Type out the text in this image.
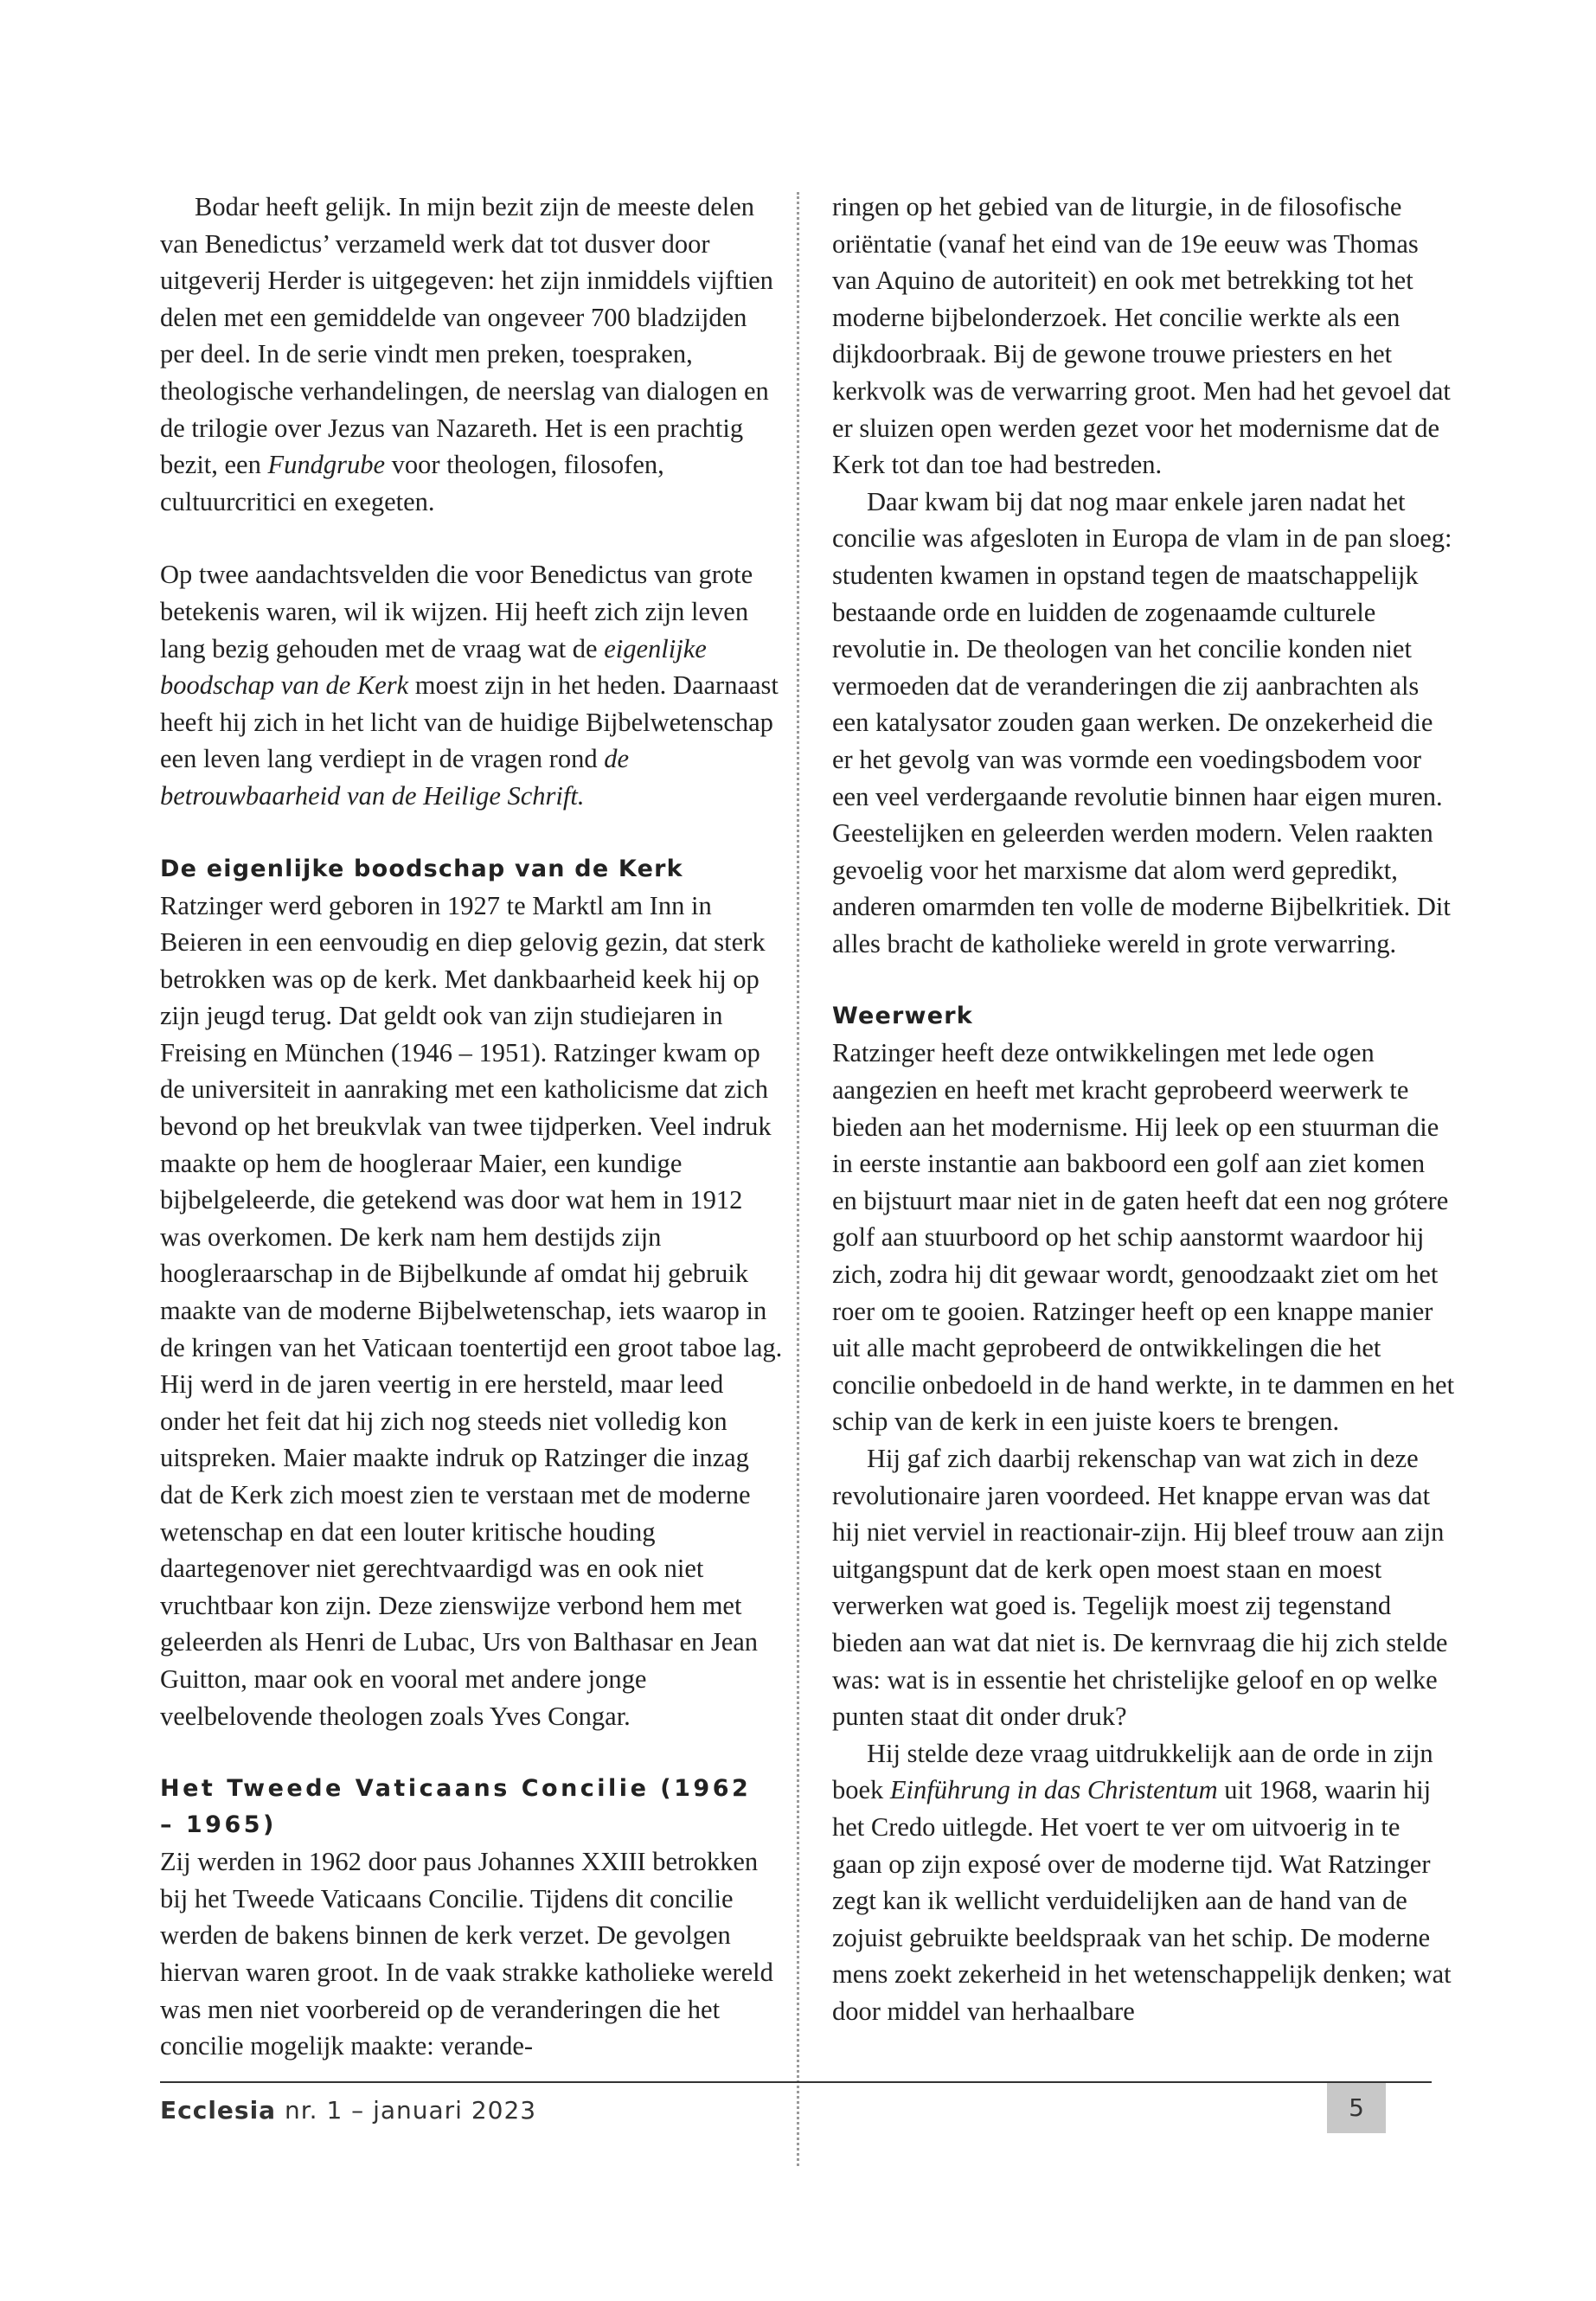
Bodar heeft gelijk. In mijn bezit zijn de meeste delen van Benedictus’ verzameld werk dat tot dusver door uitgeverij Herder is uitgegeven: het zijn inmiddels vijftien delen met een gemiddelde van ongeveer 700 bladzijden per deel. In de serie vindt men preken, toespraken, theologische verhandelingen, de neerslag van dialogen en de trilogie over Jezus van Nazareth. Het is een prachtig bezit, een Fundgrube voor theologen, filosofen, cultuurcritici en exegeten.

Op twee aandachtsvelden die voor Benedictus van grote betekenis waren, wil ik wijzen. Hij heeft zich zijn leven lang bezig gehouden met de vraag wat de eigenlijke boodschap van de Kerk moest zijn in het heden. Daarnaast heeft hij zich in het licht van de huidige Bijbelwetenschap een leven lang verdiept in de vragen rond de betrouwbaarheid van de Heilige Schrift.

De eigenlijke boodschap van de Kerk

Ratzinger werd geboren in 1927 te Marktl am Inn in Beieren in een eenvoudig en diep gelovig gezin, dat sterk betrokken was op de kerk. Met dankbaarheid keek hij op zijn jeugd terug. Dat geldt ook van zijn studiejaren in Freising en München (1946 – 1951). Ratzinger kwam op de universiteit in aanraking met een katholicisme dat zich bevond op het breukvlak van twee tijdperken. Veel indruk maakte op hem de hoogleraar Maier, een kundige bijbelgeleerde, die getekend was door wat hem in 1912 was overkomen. De kerk nam hem destijds zijn hoogleraarschap in de Bijbelkunde af omdat hij gebruik maakte van de moderne Bijbelwetenschap, iets waarop in de kringen van het Vaticaan toentertijd een groot taboe lag. Hij werd in de jaren veertig in ere hersteld, maar leed onder het feit dat hij zich nog steeds niet volledig kon uitspreken. Maier maakte indruk op Ratzinger die inzag dat de Kerk zich moest zien te verstaan met de moderne wetenschap en dat een louter kritische houding daartegenover niet gerechtvaardigd was en ook niet vruchtbaar kon zijn. Deze zienswijze verbond hem met geleerden als Henri de Lubac, Urs von Balthasar en Jean Guitton, maar ook en vooral met andere jonge veelbelovende theologen zoals Yves Congar.

Het Tweede Vaticaans Concilie (1962 – 1965)

Zij werden in 1962 door paus Johannes XXIII betrokken bij het Tweede Vaticaans Concilie. Tijdens dit concilie werden de bakens binnen de kerk verzet. De gevolgen hiervan waren groot. In de vaak strakke katholieke wereld was men niet voorbereid op de veranderingen die het concilie mogelijk maakte: verande-

ringen op het gebied van de liturgie, in de filosofische oriëntatie (vanaf het eind van de 19e eeuw was Thomas van Aquino de autoriteit) en ook met betrekking tot het moderne bijbelonderzoek. Het concilie werkte als een dijkdoorbraak. Bij de gewone trouwe priesters en het kerkvolk was de verwarring groot. Men had het gevoel dat er sluizen open werden gezet voor het modernisme dat de Kerk tot dan toe had bestreden.

Daar kwam bij dat nog maar enkele jaren nadat het concilie was afgesloten in Europa de vlam in de pan sloeg: studenten kwamen in opstand tegen de maatschappelijk bestaande orde en luidden de zogenaamde culturele revolutie in. De theologen van het concilie konden niet vermoeden dat de veranderingen die zij aanbrachten als een katalysator zouden gaan werken. De onzekerheid die er het gevolg van was vormde een voedingsbodem voor een veel verdergaande revolutie binnen haar eigen muren. Geestelijken en geleerden werden modern. Velen raakten gevoelig voor het marxisme dat alom werd gepredikt, anderen omarmden ten volle de moderne Bijbelkritiek. Dit alles bracht de katholieke wereld in grote verwarring.

Weerwerk

Ratzinger heeft deze ontwikkelingen met lede ogen aangezien en heeft met kracht geprobeerd weerwerk te bieden aan het modernisme. Hij leek op een stuurman die in eerste instantie aan bakboord een golf aan ziet komen en bijstuurt maar niet in de gaten heeft dat een nog grótere golf aan stuurboord op het schip aanstormt waardoor hij zich, zodra hij dit gewaar wordt, genoodzaakt ziet om het roer om te gooien. Ratzinger heeft op een knappe manier uit alle macht geprobeerd de ontwikkelingen die het concilie onbedoeld in de hand werkte, in te dammen en het schip van de kerk in een juiste koers te brengen.

Hij gaf zich daarbij rekenschap van wat zich in deze revolutionaire jaren voordeed. Het knappe ervan was dat hij niet verviel in reactionair-zijn. Hij bleef trouw aan zijn uitgangspunt dat de kerk open moest staan en moest verwerken wat goed is. Tegelijk moest zij tegenstand bieden aan wat dat niet is. De kernvraag die hij zich stelde was: wat is in essentie het christelijke geloof en op welke punten staat dit onder druk?

Hij stelde deze vraag uitdrukkelijk aan de orde in zijn boek Einführung in das Christentum uit 1968, waarin hij het Credo uitlegde. Het voert te ver om uitvoerig in te gaan op zijn exposé over de moderne tijd. Wat Ratzinger zegt kan ik wellicht verduidelijken aan de hand van de zojuist gebruikte beeldspraak van het schip. De moderne mens zoekt zekerheid in het wetenschappelijk denken; wat door middel van herhaalbare

Ecclesia nr. 1 – januari 2023	5
